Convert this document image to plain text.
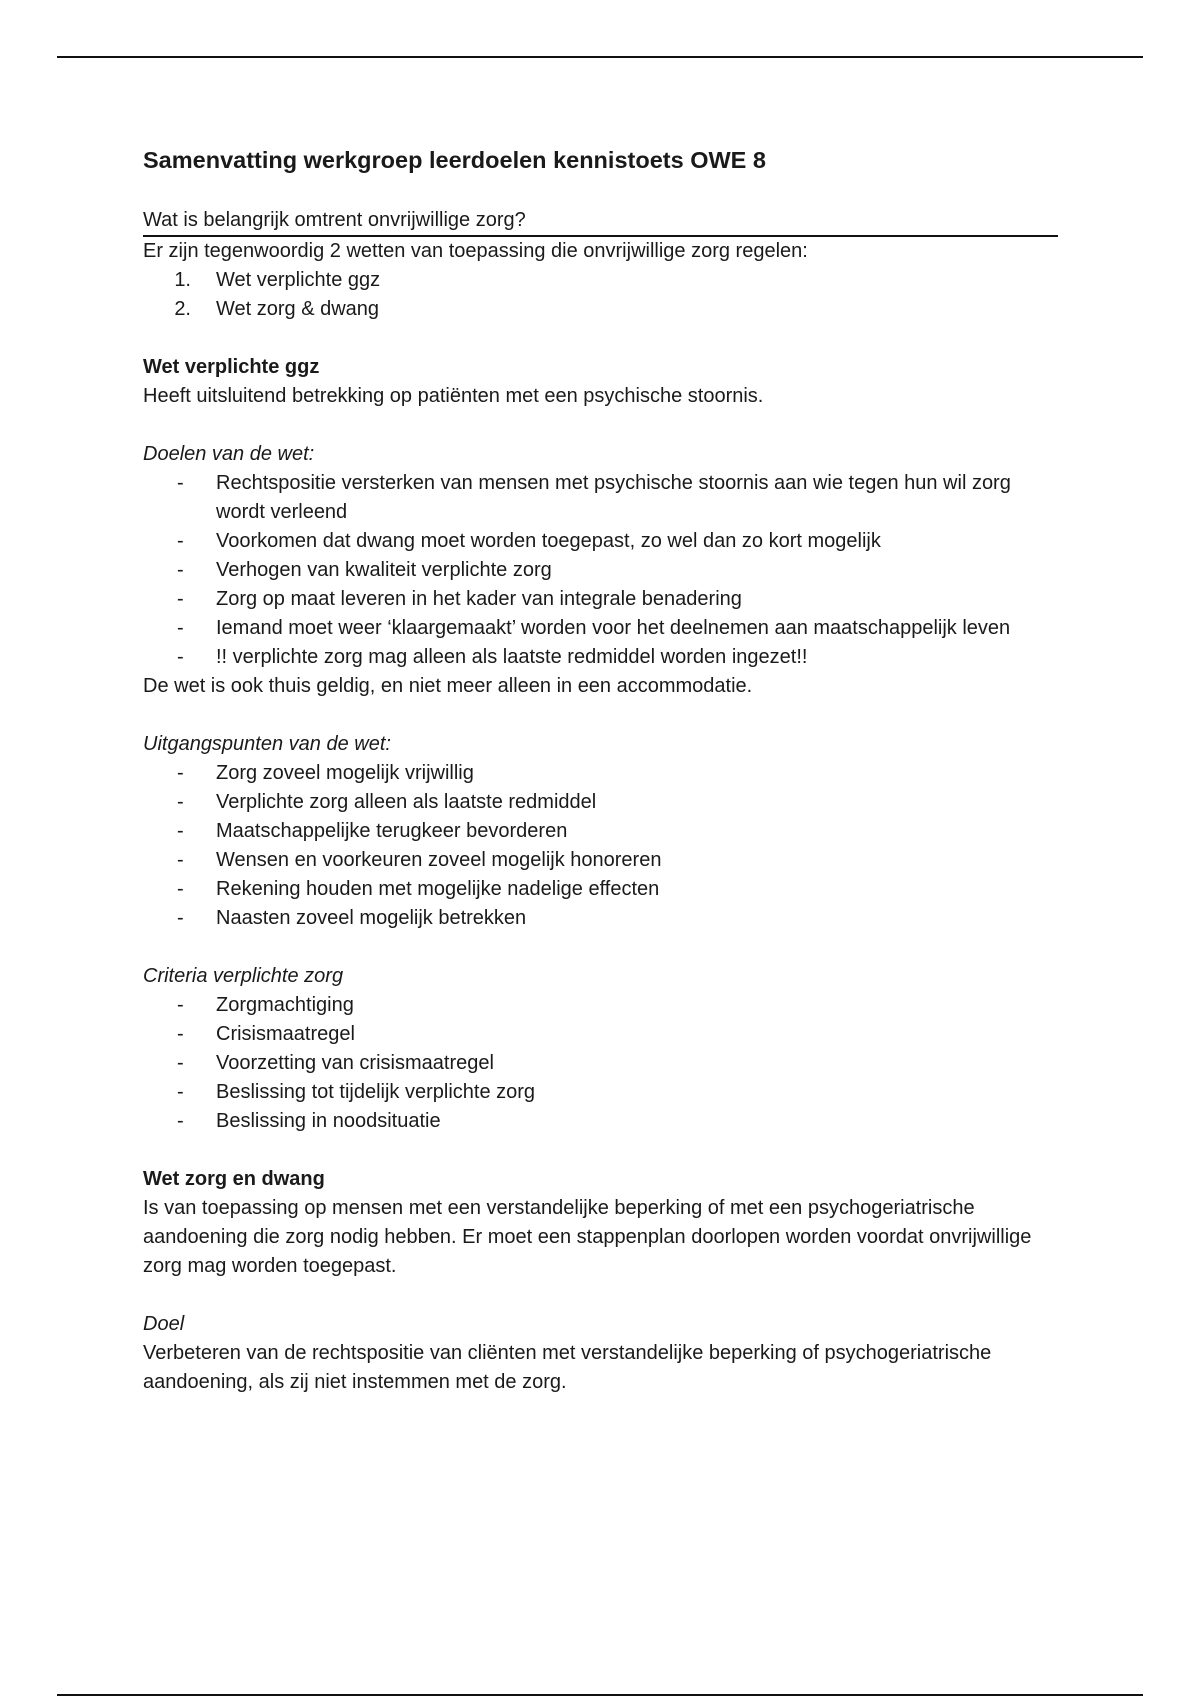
Samenvatting werkgroep leerdoelen kennistoets OWE 8

Wat is belangrijk omtrent onvrijwillige zorg?

Er zijn tegenwoordig 2 wetten van toepassing die onvrijwillige zorg regelen:

1. Wet verplichte ggz
2. Wet zorg & dwang

Wet verplichte ggz

Heeft uitsluitend betrekking op patiënten met een psychische stoornis.

Doelen van de wet:

-	Rechtspositie versterken van mensen met psychische stoornis aan wie tegen hun wil zorg wordt verleend
-	Voorkomen dat dwang moet worden toegepast, zo wel dan zo kort mogelijk
-	Verhogen van kwaliteit verplichte zorg
-	Zorg op maat leveren in het kader van integrale benadering
-	Iemand moet weer ‘klaargemaakt’ worden voor het deelnemen aan maatschappelijk leven
-	!! verplichte zorg mag alleen als laatste redmiddel worden ingezet!!

De wet is ook thuis geldig, en niet meer alleen in een accommodatie.

Uitgangspunten van de wet:

-	Zorg zoveel mogelijk vrijwillig
-	Verplichte zorg alleen als laatste redmiddel
-	Maatschappelijke terugkeer bevorderen
-	Wensen en voorkeuren zoveel mogelijk honoreren
-	Rekening houden met mogelijke nadelige effecten
-	Naasten zoveel mogelijk betrekken

Criteria verplichte zorg

-	Zorgmachtiging
-	Crisismaatregel
-	Voorzetting van crisismaatregel
-	Beslissing tot tijdelijk verplichte zorg
-	Beslissing in noodsituatie

Wet zorg en dwang

Is van toepassing op mensen met een verstandelijke beperking of met een psychogeriatrische aandoening die zorg nodig hebben. Er moet een stappenplan doorlopen worden voordat onvrijwillige zorg mag worden toegepast.

Doel

Verbeteren van de rechtspositie van cliënten met verstandelijke beperking of psychogeriatrische aandoening, als zij niet instemmen met de zorg.
